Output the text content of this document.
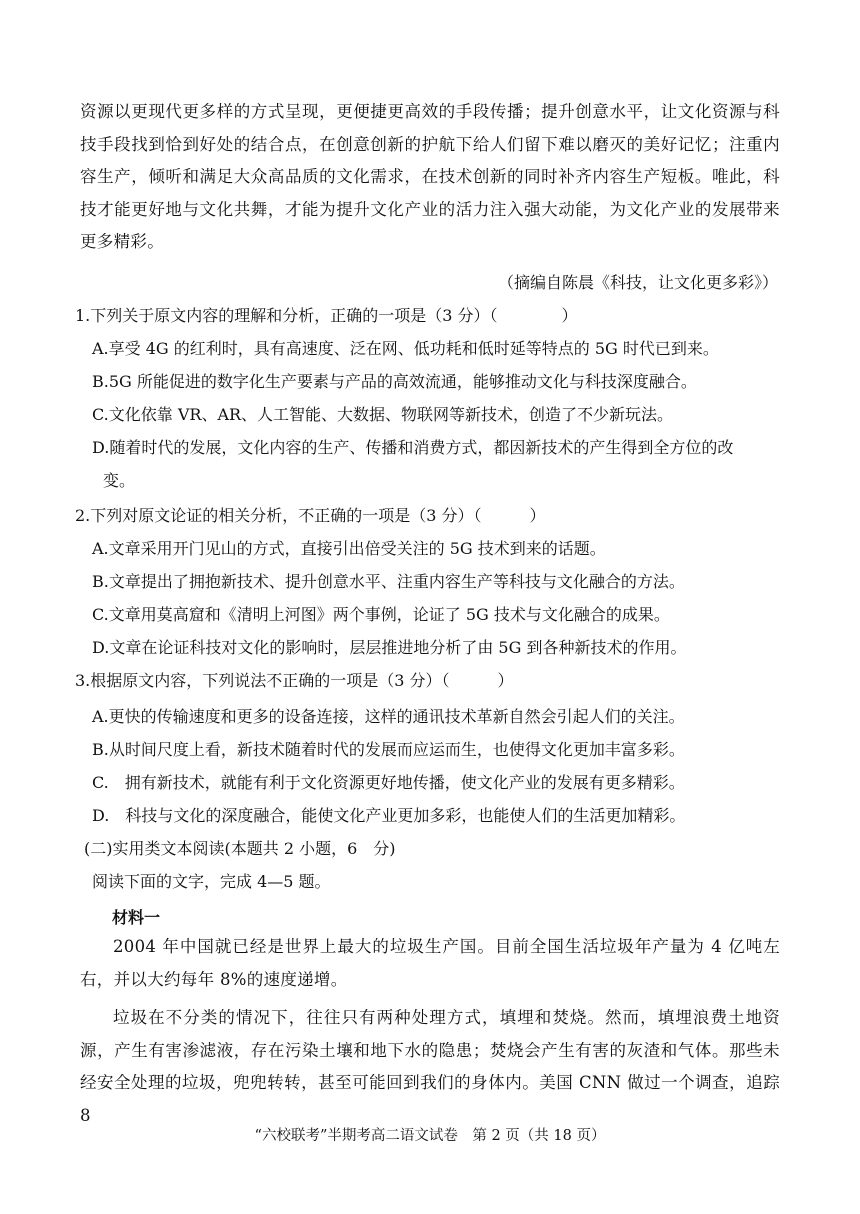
资源以更现代更多样的方式呈现，更便捷更高效的手段传播；提升创意水平，让文化资源与科技手段找到恰到好处的结合点，在创意创新的护航下给人们留下难以磨灭的美好记忆；注重内容生产，倾听和满足大众高品质的文化需求，在技术创新的同时补齐内容生产短板。唯此，科技才能更好地与文化共舞，才能为提升文化产业的活力注入强大动能，为文化产业的发展带来更多精彩。
（摘编自陈晨《科技，让文化更多彩》）
1.下列关于原文内容的理解和分析，正确的一项是（3 分）（　　　　）
A.享受 4G 的红利时，具有高速度、泛在网、低功耗和低时延等特点的 5G 时代已到来。
B.5G 所能促进的数字化生产要素与产品的高效流通，能够推动文化与科技深度融合。
C.文化依靠 VR、AR、人工智能、大数据、物联网等新技术，创造了不少新玩法。
D.随着时代的发展，文化内容的生产、传播和消费方式，都因新技术的产生得到全方位的改
变。
2.下列对原文论证的相关分析，不正确的一项是（3 分）（　　　）
A.文章采用开门见山的方式，直接引出倍受关注的 5G 技术到来的话题。
B.文章提出了拥抱新技术、提升创意水平、注重内容生产等科技与文化融合的方法。
C.文章用莫高窟和《清明上河图》两个事例，论证了 5G 技术与文化融合的成果。
D.文章在论证科技对文化的影响时，层层推进地分析了由 5G 到各种新技术的作用。
3.根据原文内容，下列说法不正确的一项是（3 分）（　　　）
A.更快的传输速度和更多的设备连接，这样的通讯技术革新自然会引起人们的关注。
B.从时间尺度上看，新技术随着时代的发展而应运而生，也使得文化更加丰富多彩。
C.　拥有新技术，就能有利于文化资源更好地传播，使文化产业的发展有更多精彩。
D.　科技与文化的深度融合，能使文化产业更加多彩，也能使人们的生活更加精彩。
(二)实用类文本阅读(本题共 2 小题，6　分)
阅读下面的文字，完成 4—5 题。
材料一
2004 年中国就已经是世界上最大的垃圾生产国。目前全国生活垃圾年产量为 4 亿吨左右，并以大约每年 8%的速度递增。
垃圾在不分类的情况下，往往只有两种处理方式，填埋和焚烧。然而，填埋浪费土地资源，产生有害渗滤液，存在污染土壤和地下水的隐患；焚烧会产生有害的灰渣和气体。那些未经安全处理的垃圾，兜兜转转，甚至可能回到我们的身体内。美国 CNN 做过一个调查，追踪 8
“六校联考”半期考高二语文试卷　第 2 页（共 18 页）
